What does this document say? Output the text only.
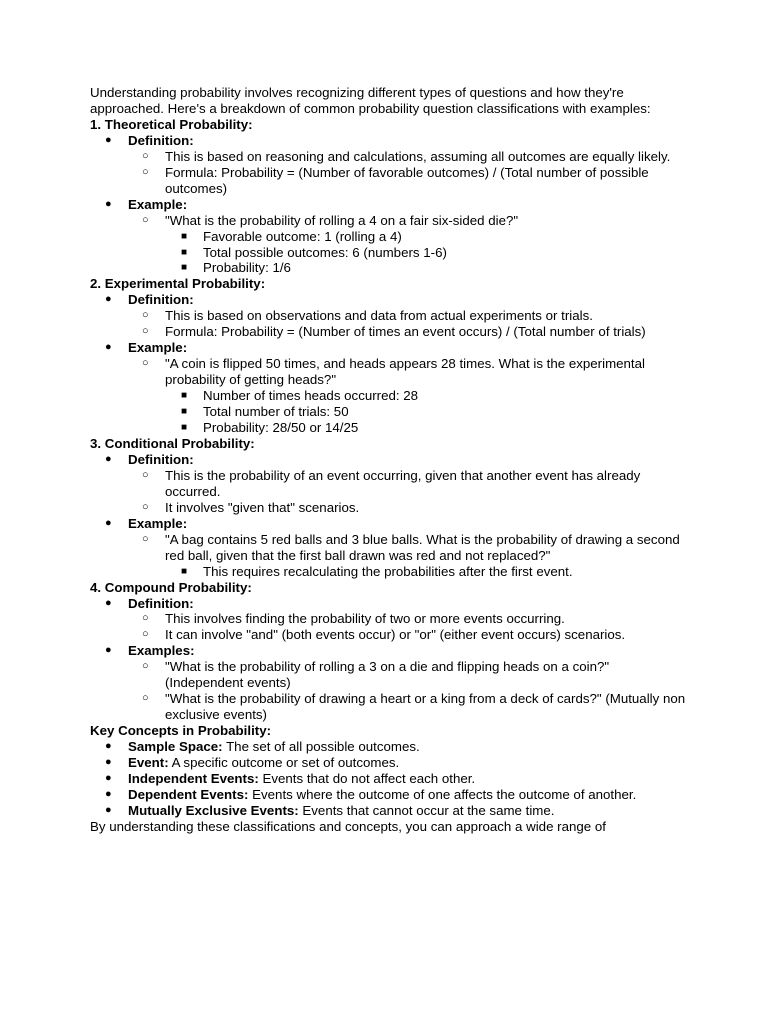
Understanding probability involves recognizing different types of questions and how they're approached. Here's a breakdown of common probability question classifications with examples:

1. Theoretical Probability:

● Definition:
○ This is based on reasoning and calculations, assuming all outcomes are equally likely.
○ Formula: Probability = (Number of favorable outcomes) / (Total number of possible outcomes)
● Example:
○ "What is the probability of rolling a 4 on a fair six-sided die?"
■ Favorable outcome: 1 (rolling a 4)
■ Total possible outcomes: 6 (numbers 1-6)
■ Probability: 1/6

2. Experimental Probability:

● Definition:
○ This is based on observations and data from actual experiments or trials.
○ Formula: Probability = (Number of times an event occurs) / (Total number of trials)
● Example:
○ "A coin is flipped 50 times, and heads appears 28 times. What is the experimental probability of getting heads?"
■ Number of times heads occurred: 28
■ Total number of trials: 50
■ Probability: 28/50 or 14/25

3. Conditional Probability:

● Definition:
○ This is the probability of an event occurring, given that another event has already occurred.
○ It involves "given that" scenarios.
● Example:
○ "A bag contains 5 red balls and 3 blue balls. What is the probability of drawing a second red ball, given that the first ball drawn was red and not replaced?"
■ This requires recalculating the probabilities after the first event.

4. Compound Probability:

● Definition:
○ This involves finding the probability of two or more events occurring.
○ It can involve "and" (both events occur) or "or" (either event occurs) scenarios.
● Examples:
○ "What is the probability of rolling a 3 on a die and flipping heads on a coin?" (Independent events)
○ "What is the probability of drawing a heart or a king from a deck of cards?" (Mutually non exclusive events)

Key Concepts in Probability:

● Sample Space: The set of all possible outcomes.
● Event: A specific outcome or set of outcomes.
● Independent Events: Events that do not affect each other.
● Dependent Events: Events where the outcome of one affects the outcome of another.
● Mutually Exclusive Events: Events that cannot occur at the same time.

By understanding these classifications and concepts, you can approach a wide range of
